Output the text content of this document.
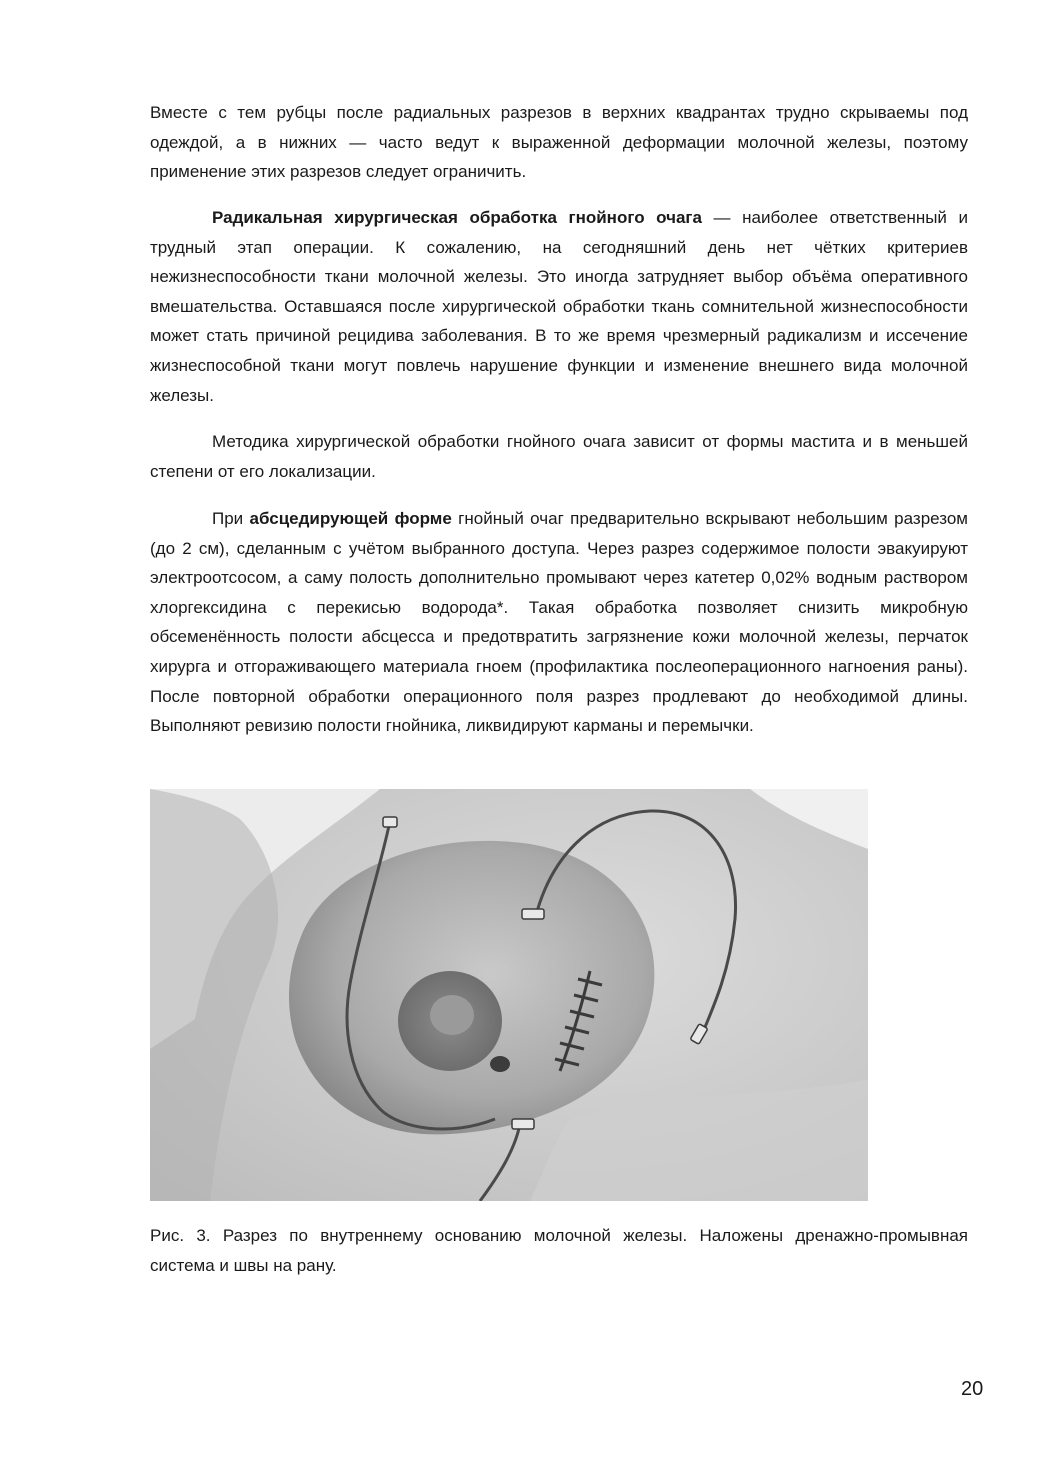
Вместе с тем рубцы после радиальных разрезов в верхних квадрантах трудно скрываемы под одеждой, а в нижних — часто ведут к выраженной деформации молочной железы, поэтому применение этих разрезов следует ограничить.

Радикальная хирургическая обработка гнойного очага — наиболее ответственный и трудный этап операции. К сожалению, на сегодняшний день нет чётких критериев нежизнеспособности ткани молочной железы. Это иногда затрудняет выбор объёма оперативного вмешательства. Оставшаяся после хирургической обработки ткань сомнительной жизнеспособности может стать причиной рецидива заболевания. В то же время чрезмерный радикализм и иссечение жизнеспособной ткани могут повлечь нарушение функции и изменение внешнего вида молочной железы.

Методика хирургической обработки гнойного очага зависит от формы мастита и в меньшей степени от его локализации.

При абсцедирующей форме гнойный очаг предварительно вскрывают небольшим разрезом (до 2 см), сделанным с учётом выбранного доступа. Через разрез содержимое полости эвакуируют электроотсосом, а саму полость дополнительно промывают через катетер 0,02% водным раствором хлоргексидина с перекисью водорода*. Такая обработка позволяет снизить микробную обсеменённость полости абсцесса и предотвратить загрязнение кожи молочной железы, перчаток хирурга и отгораживающего материала гноем (профилактика послеоперационного нагноения раны). После повторной обработки операционного поля разрез продлевают до необходимой длины. Выполняют ревизию полости гнойника, ликвидируют карманы и перемычки.

Рис. 3. Разрез по внутреннему основанию молочной железы. Наложены дренажно-промывная система и швы на рану.

20
